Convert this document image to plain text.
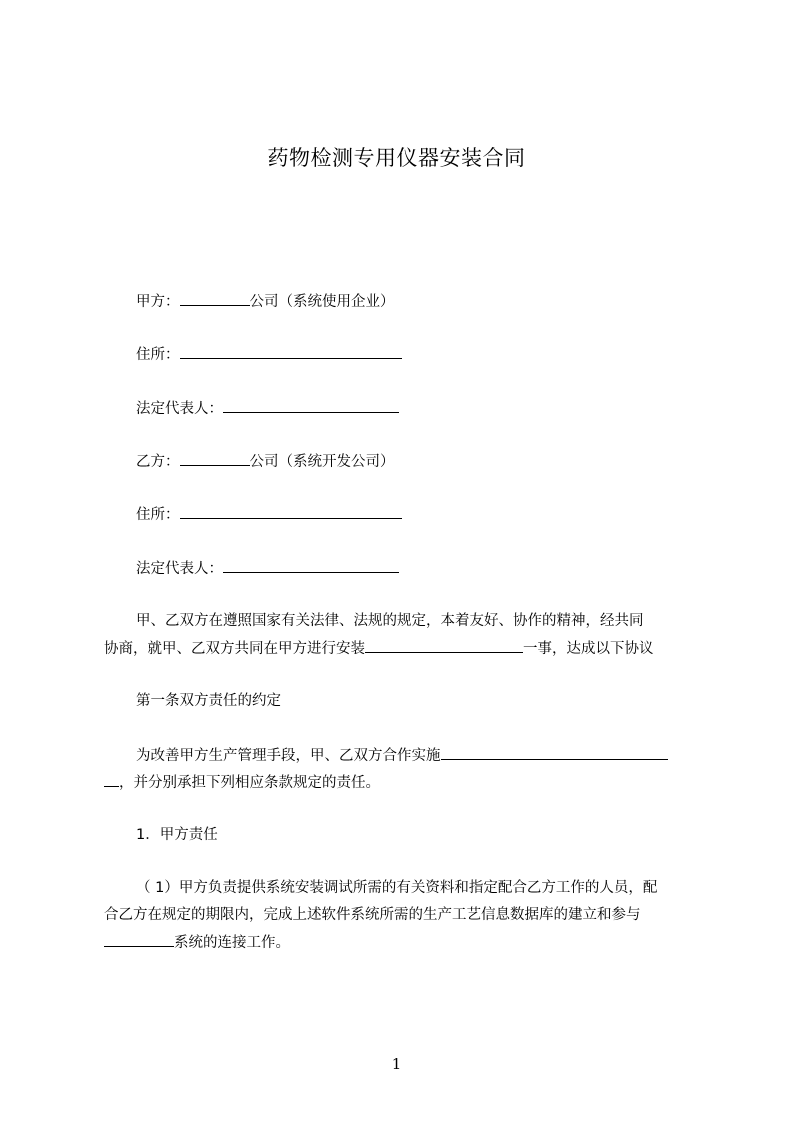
药物检测专用仪器安装合同
甲方：	公司（系统使用企业）
住所：
法定代表人：
乙方：	公司（系统开发公司）
住所：
法定代表人：
甲、乙双方在遵照国家有关法律、法规的规定，本着友好、协作的精神，经共同
协商，就甲、乙双方共同在甲方进行安装	一事，达成以下协议
第一条双方责任的约定
为改善甲方生产管理手段，甲、乙双方合作实施
，并分别承担下列相应条款规定的责任。
1．甲方责任
（ 1）甲方负责提供系统安装调试所需的有关资料和指定配合乙方工作的人员，配
合乙方在规定的期限内，完成上述软件系统所需的生产工艺信息数据库的建立和参与
系统的连接工作。
1
